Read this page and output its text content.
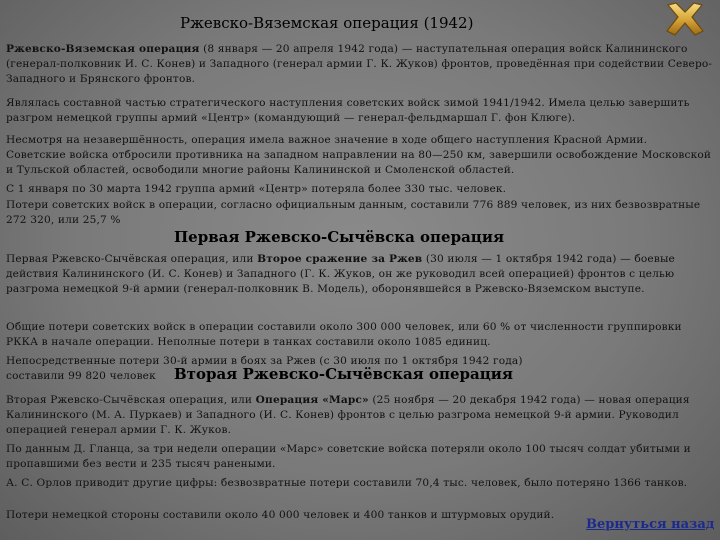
Ржевско-Вяземская операция (1942)

Ржевско-Вяземская операция (8 января — 20 апреля 1942 года) — наступательная операция войск Калининского (генерал-полковник И. С. Конев) и Западного (генерал армии Г. К. Жуков) фронтов, проведённая при содействии Северо-Западного и Брянского фронтов.

Являлась составной частью стратегического наступления советских войск зимой 1941/1942. Имела целью завершить разгром немецкой группы армий «Центр» (командующий — генерал-фельдмаршал Г. фон Клюге).

Несмотря на незавершённость, операция имела важное значение в ходе общего наступления Красной Армии.

Советские войска отбросили противника на западном направлении на 80—250 км, завершили освобождение Московской и Тульской областей, освободили многие районы Калининской и Смоленской областей.

С 1 января по 30 марта 1942 группа армий «Центр» потеряла более 330 тыс. человек.

Потери советских войск в операции, согласно официальным данным, составили 776 889 человек, из них безвозвратные 272 320, или 25,7 %

Первая Ржевско-Сычёвска операция

Первая Ржевско-Сычёвская операция, или Второе сражение за Ржев (30 июля — 1 октября 1942 года) — боевые действия Калининского (И. С. Конев) и Западного (Г. К. Жуков, он же руководил всей операцией) фронтов с целью разгрома немецкой 9-й армии (генерал-полковник В. Модель), оборонявшейся в Ржевско-Вяземском выступе.

Общие потери советских войск в операции составили около 300 000 человек, или 60 % от численности группировки РККА в начале операции. Неполные потери в танках составили около 1085 единиц.

Непосредственные потери 30-й армии в боях за Ржев (с 30 июля по 1 октября 1942 года) составили 99 820 человек	Вторая Ржевско-Сычёвская операция

Вторая Ржевско-Сычёвская операция, или Операция «Марс» (25 ноября — 20 декабря 1942 года) — новая операция Калининского (М. А. Пуркаев) и Западного (И. С. Конев) фронтов с целью разгрома немецкой 9-й армии. Руководил операцией генерал армии Г. К. Жуков.

По данным Д. Гланца, за три недели операции «Марс» советские войска потеряли около 100 тысяч солдат убитыми и пропавшими без вести и 235 тысяч ранеными.

А. С. Орлов приводит другие цифры: безвозвратные потери составили 70,4 тыс. человек, было потеряно 1366 танков.

Потери немецкой стороны составили около 40 000 человек и 400 танков и штурмовых орудий.

Вернуться назад
